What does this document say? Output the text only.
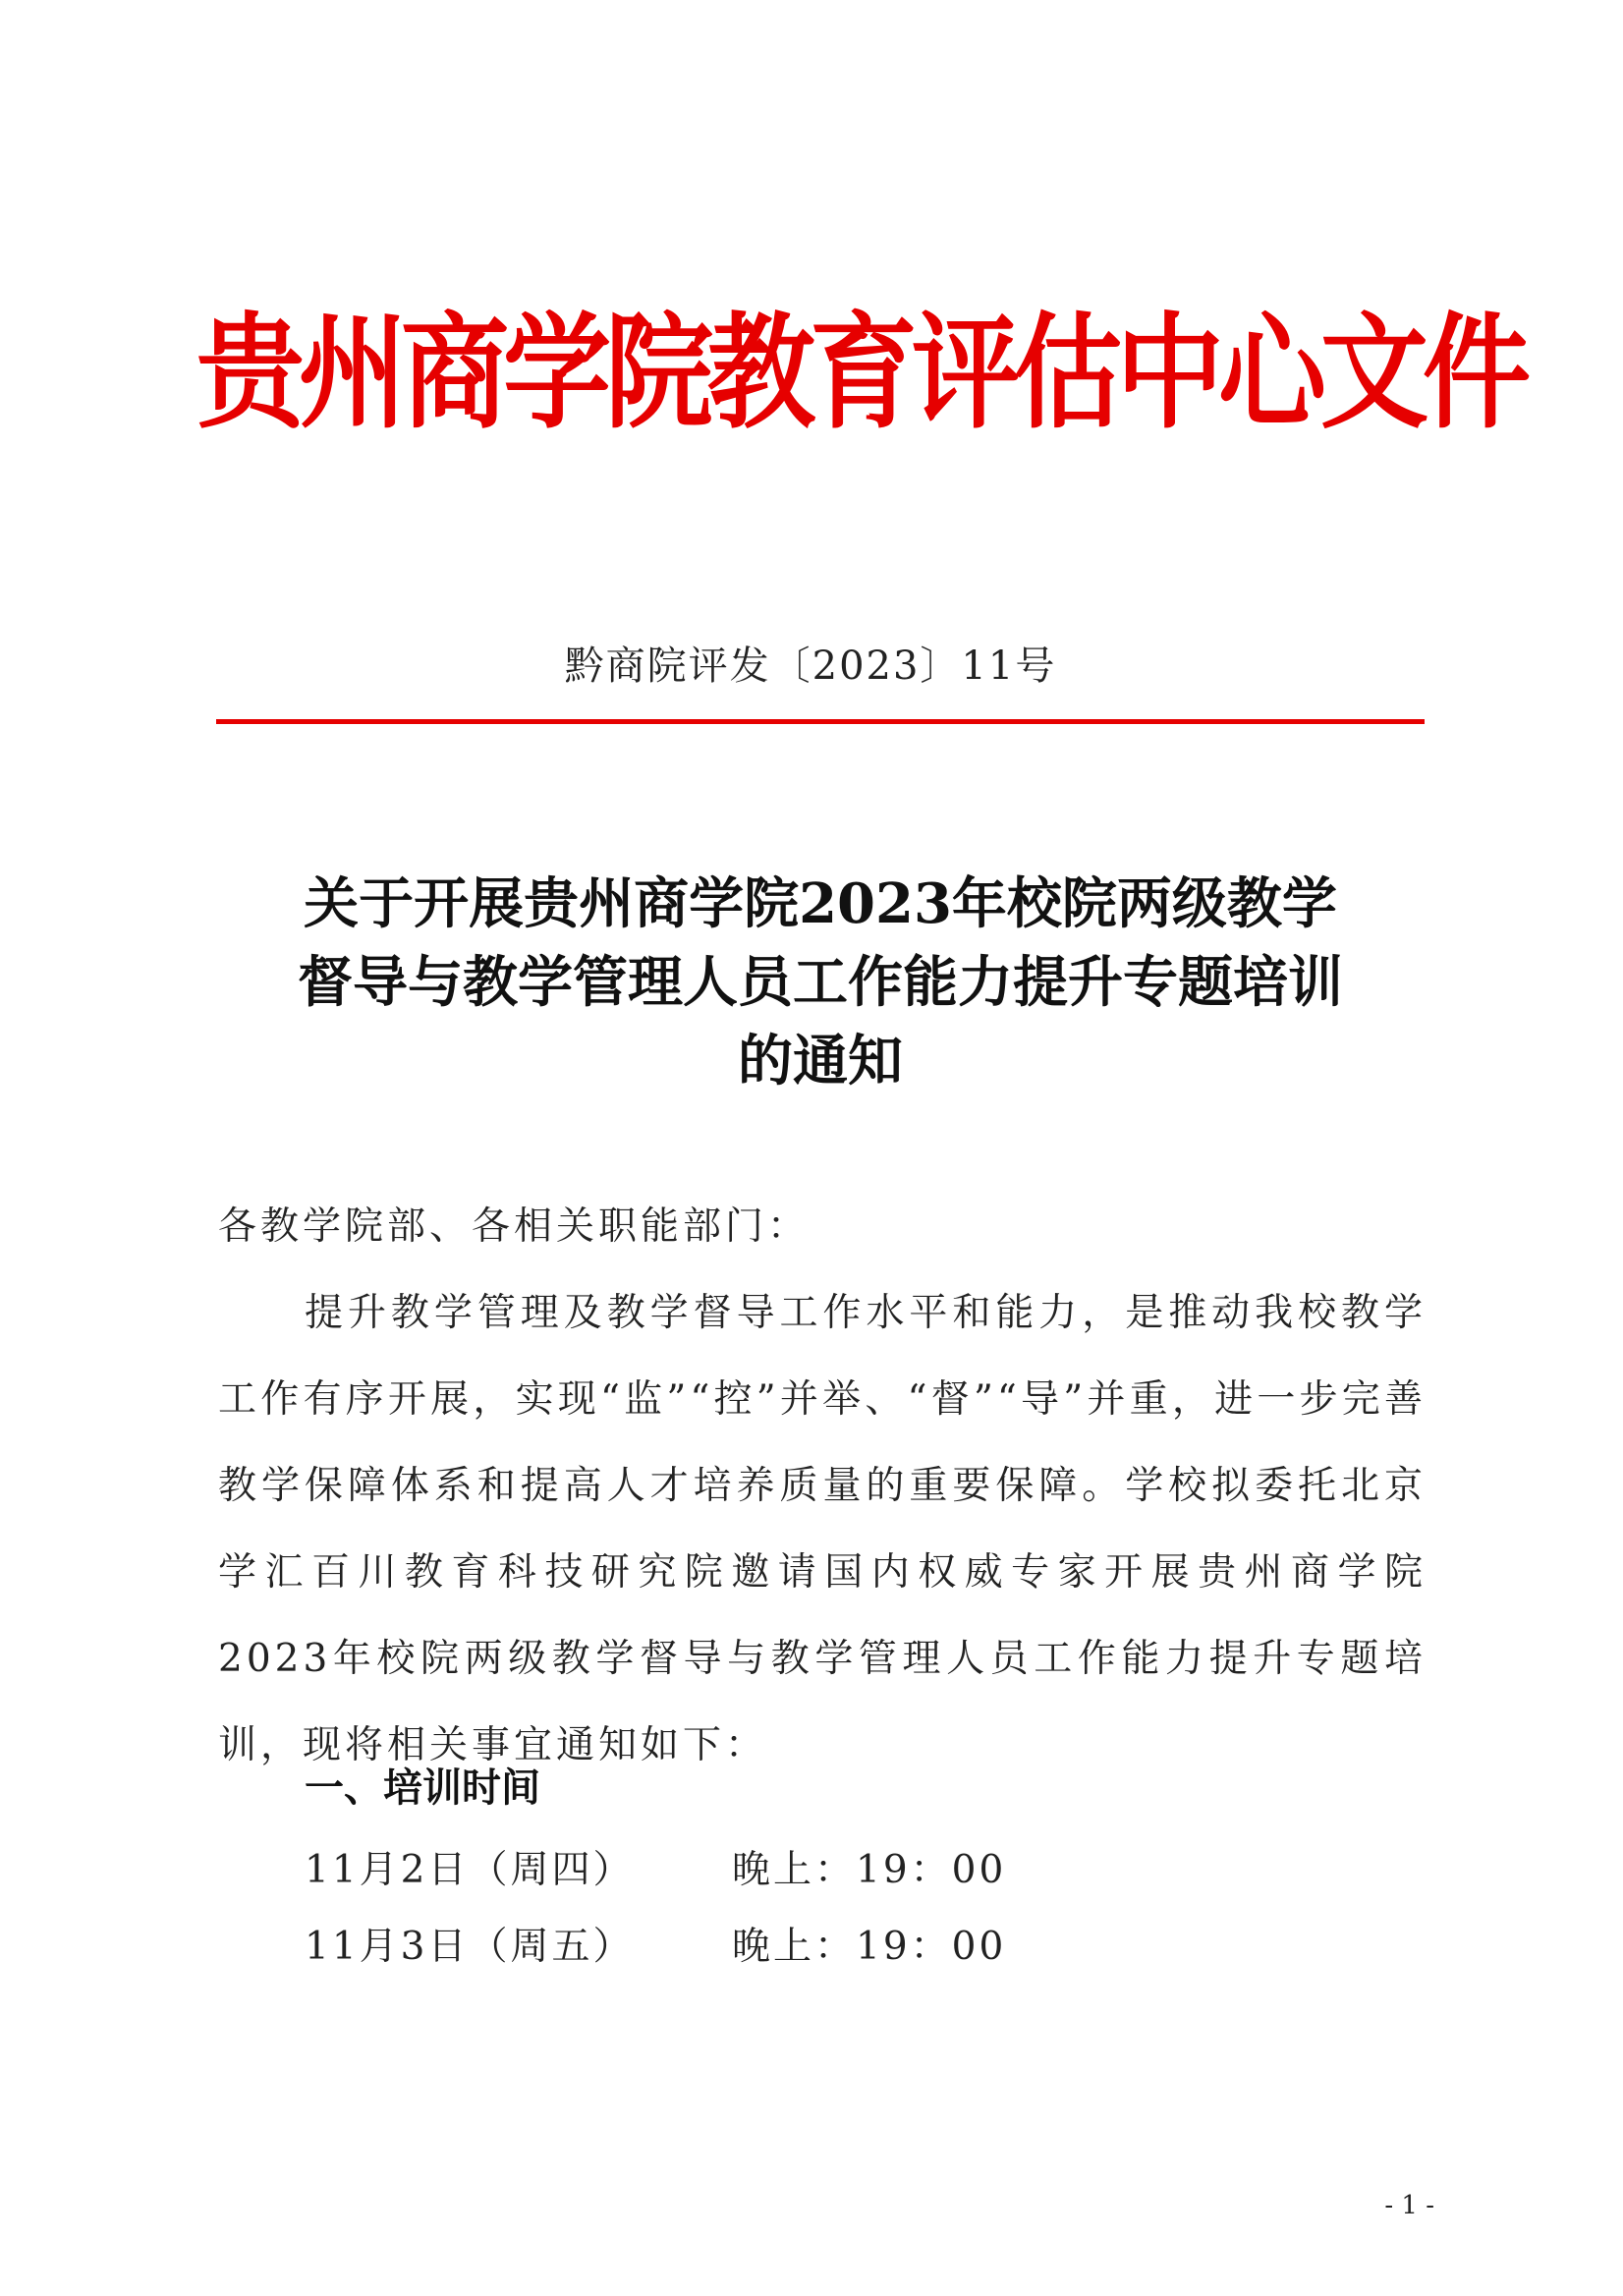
贵州商学院教育评估中心文件
黔商院评发〔2023〕11号
关于开展贵州商学院2023年校院两级教学
督导与教学管理人员工作能力提升专题培训
的通知
各教学院部、各相关职能部门：
提升教学管理及教学督导工作水平和能力，是推动我校教学工作有序开展，实现“监”“控”并举、“督”“导”并重，进一步完善教学保障体系和提高人才培养质量的重要保障。学校拟委托北京学汇百川教育科技研究院邀请国内权威专家开展贵州商学院2023年校院两级教学督导与教学管理人员工作能力提升专题培训，现将相关事宜通知如下：
一、培训时间
11月2日（周四）	晚上：19：00
11月3日（周五）	晚上：19：00
- 1 -
